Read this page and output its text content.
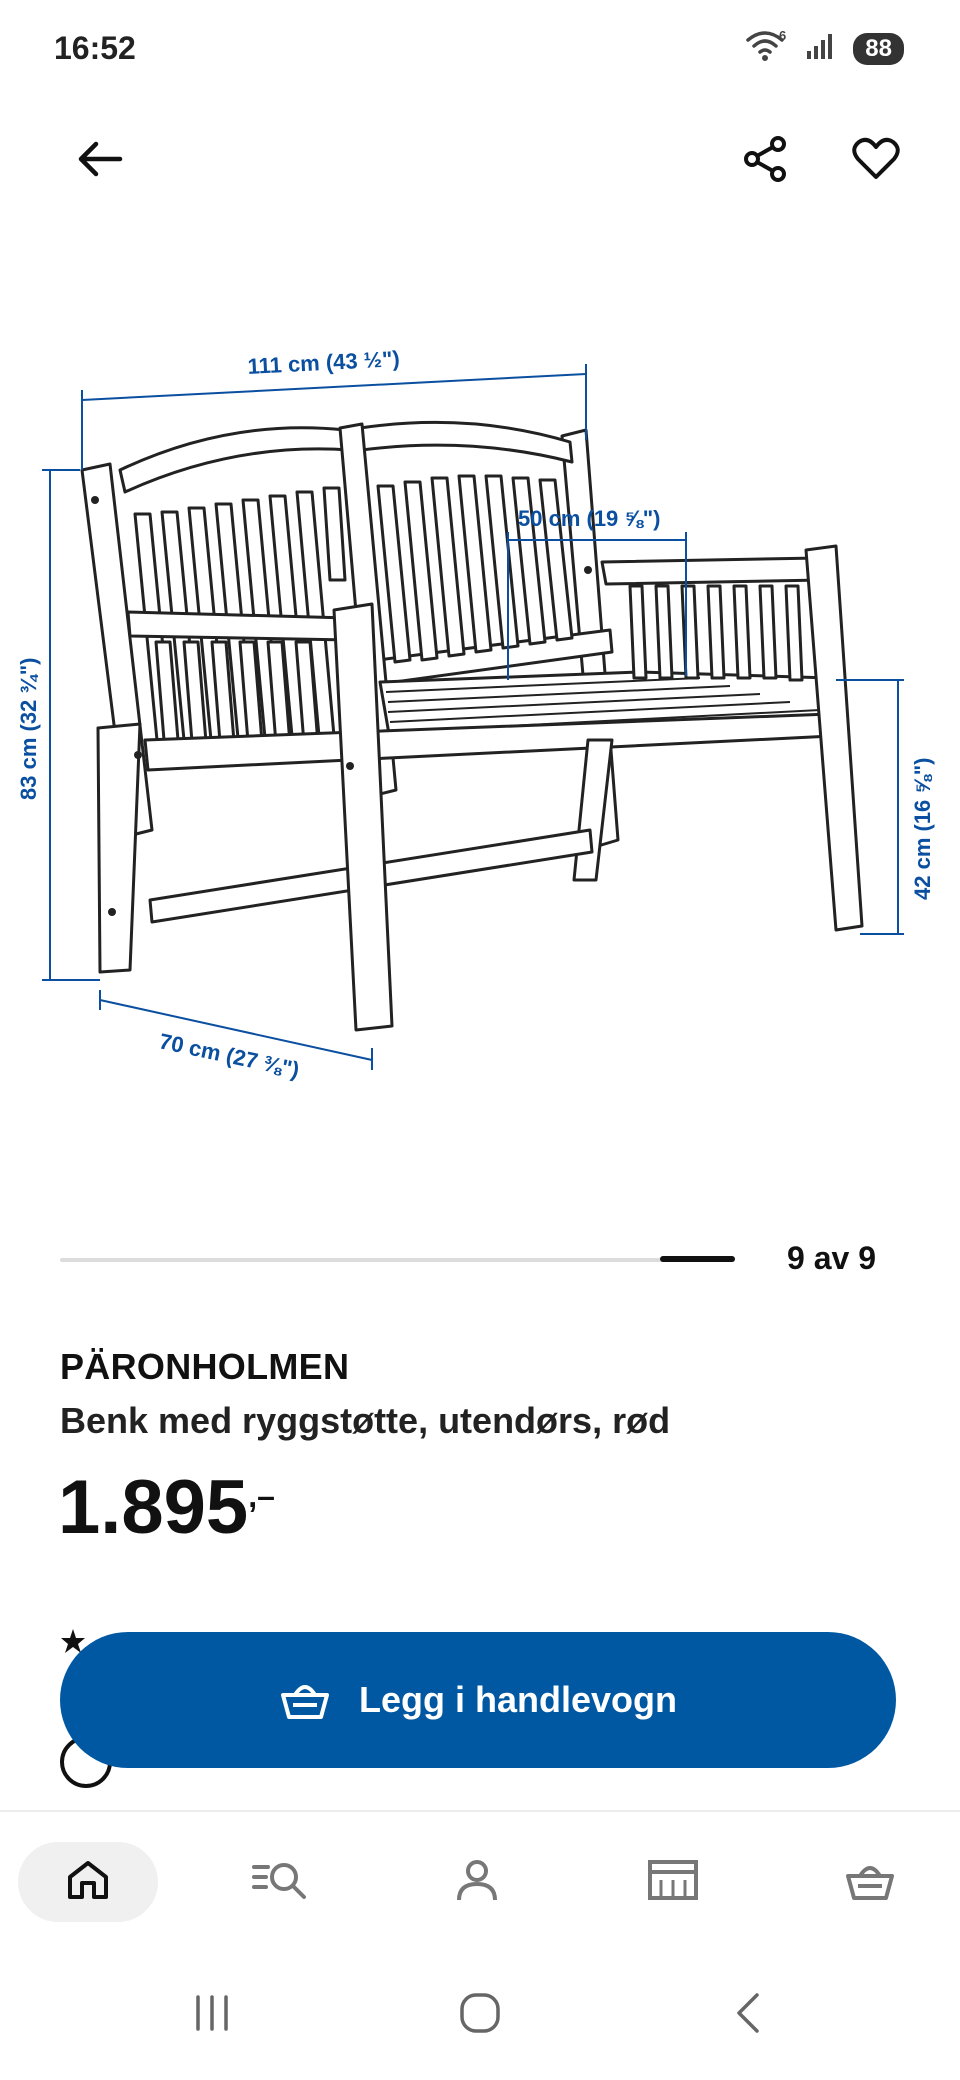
16:52	6	88
111 cm (43 ½")
83 cm (32 ¾")
70 cm (27 ⅜")
50 cm (19 ⅝")
42 cm (16 ⅝")
9 av 9
PÄRONHOLMEN
Benk med ryggstøtte, utendørs, rød
1.895,–
Legg i handlevogn
